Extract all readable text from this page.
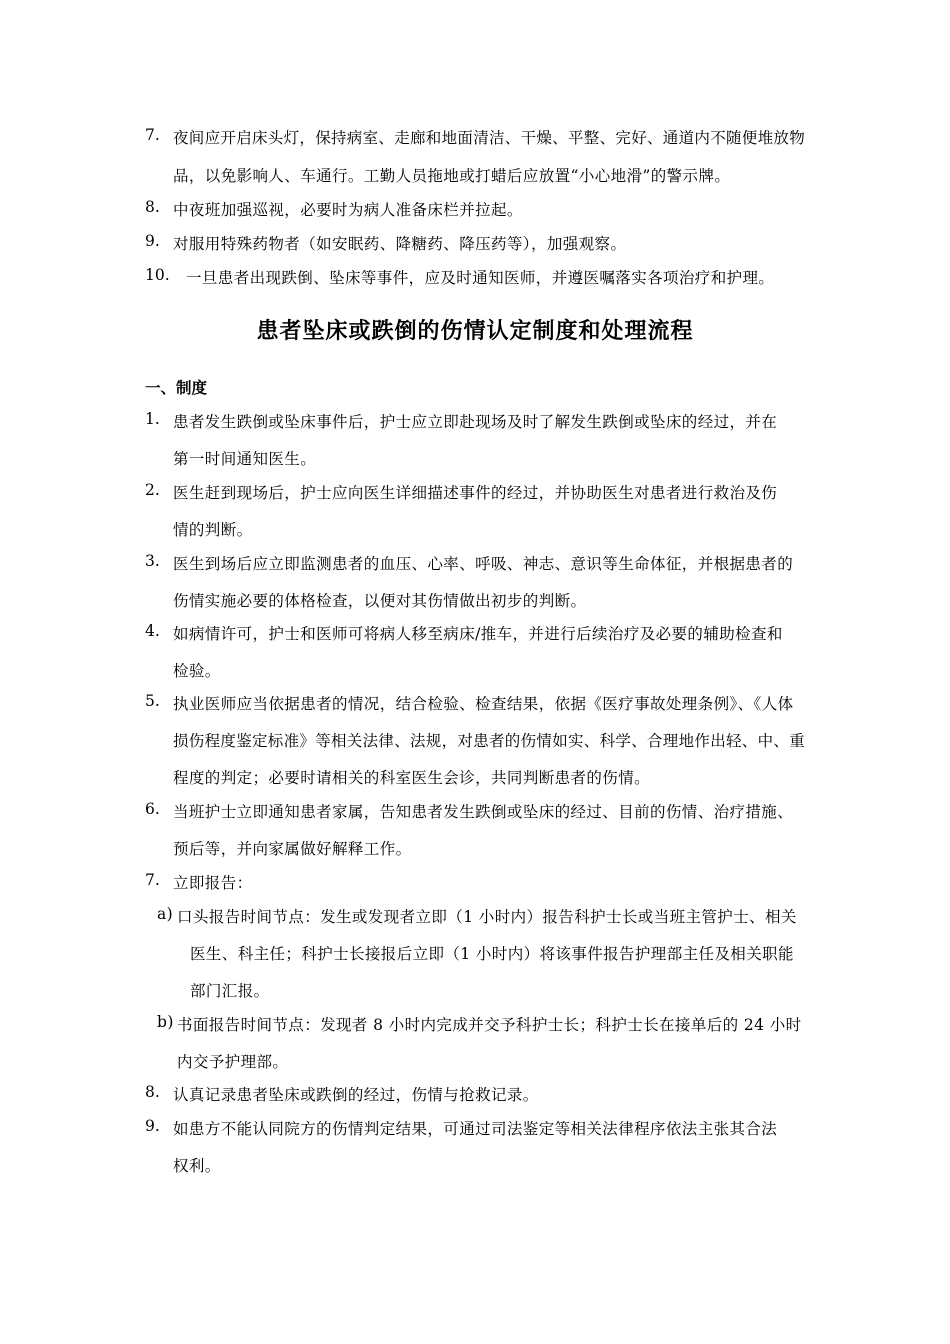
7. 夜间应开启床头灯，保持病室、走廊和地面清洁、干燥、平整、完好、通道内不随便堆放物
品，以免影响人、车通行。工勤人员拖地或打蜡后应放置“小心地滑”的警示牌。
8. 中夜班加强巡视，必要时为病人准备床栏并拉起。
9. 对服用特殊药物者（如安眠药、降糖药、降压药等），加强观察。
10. 一旦患者出现跌倒、坠床等事件，应及时通知医师，并遵医嘱落实各项治疗和护理。
患者坠床或跌倒的伤情认定制度和处理流程
一、制度
1. 患者发生跌倒或坠床事件后，护士应立即赴现场及时了解发生跌倒或坠床的经过，并在
第一时间通知医生。
2. 医生赶到现场后，护士应向医生详细描述事件的经过，并协助医生对患者进行救治及伤
情的判断。
3. 医生到场后应立即监测患者的血压、心率、呼吸、神志、意识等生命体征，并根据患者的
伤情实施必要的体格检查，以便对其伤情做出初步的判断。
4. 如病情许可，护士和医师可将病人移至病床/推车，并进行后续治疗及必要的辅助检查和
检验。
5. 执业医师应当依据患者的情况，结合检验、检查结果，依据《医疗事故处理条例》、《人体
损伤程度鉴定标准》等相关法律、法规，对患者的伤情如实、科学、合理地作出轻、中、重
程度的判定；必要时请相关的科室医生会诊，共同判断患者的伤情。
6. 当班护士立即通知患者家属，告知患者发生跌倒或坠床的经过、目前的伤情、治疗措施、
预后等，并向家属做好解释工作。
7. 立即报告：
a) 口头报告时间节点：发生或发现者立即（1 小时内）报告科护士长或当班主管护士、相关
医生、科主任；科护士长接报后立即（1 小时内）将该事件报告护理部主任及相关职能
部门汇报。
b) 书面报告时间节点：发现者 8 小时内完成并交予科护士长；科护士长在接单后的 24 小时
内交予护理部。
8. 认真记录患者坠床或跌倒的经过，伤情与抢救记录。
9. 如患方不能认同院方的伤情判定结果，可通过司法鉴定等相关法律程序依法主张其合法
权利。
